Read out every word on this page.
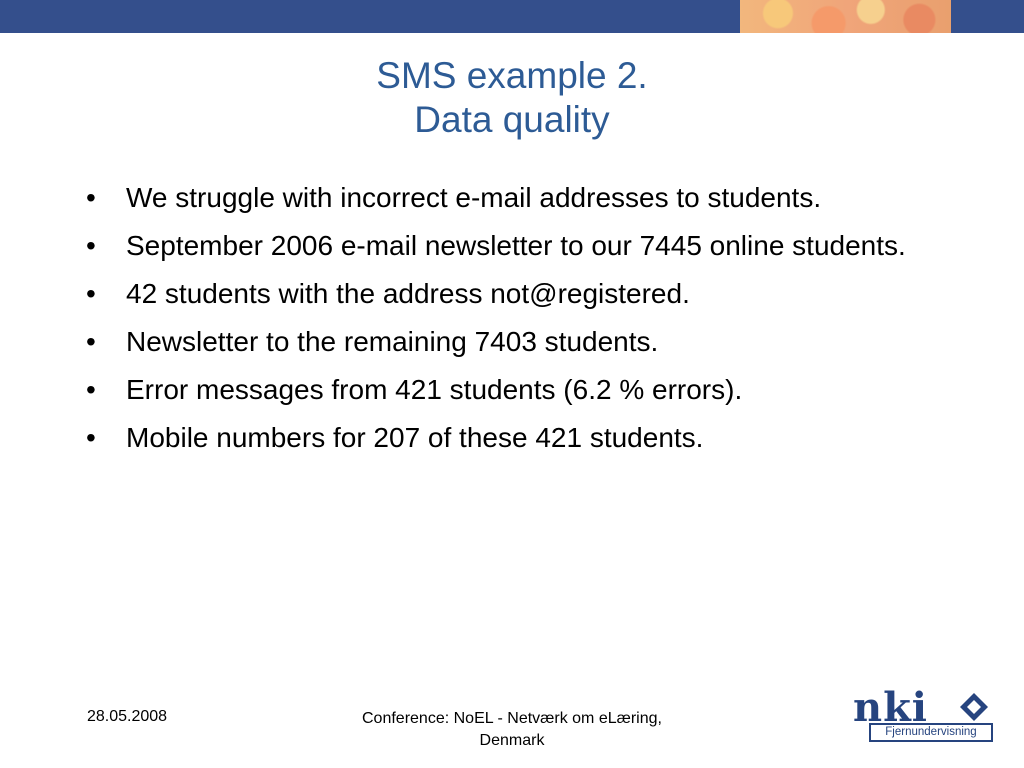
SMS example 2.
Data quality
•	We struggle with incorrect e-mail addresses to students.
•	September 2006 e-mail newsletter to our 7445 online students.
•	42 students with the address not@registered.
•	Newsletter to the remaining 7403 students.
•	Error messages from 421 students (6.2 % errors).
•	Mobile numbers for 207 of these 421 students.
28.05.2008	Conference: NoEL - Netværk om eLæring, Denmark
nki
Fjernundervisning
